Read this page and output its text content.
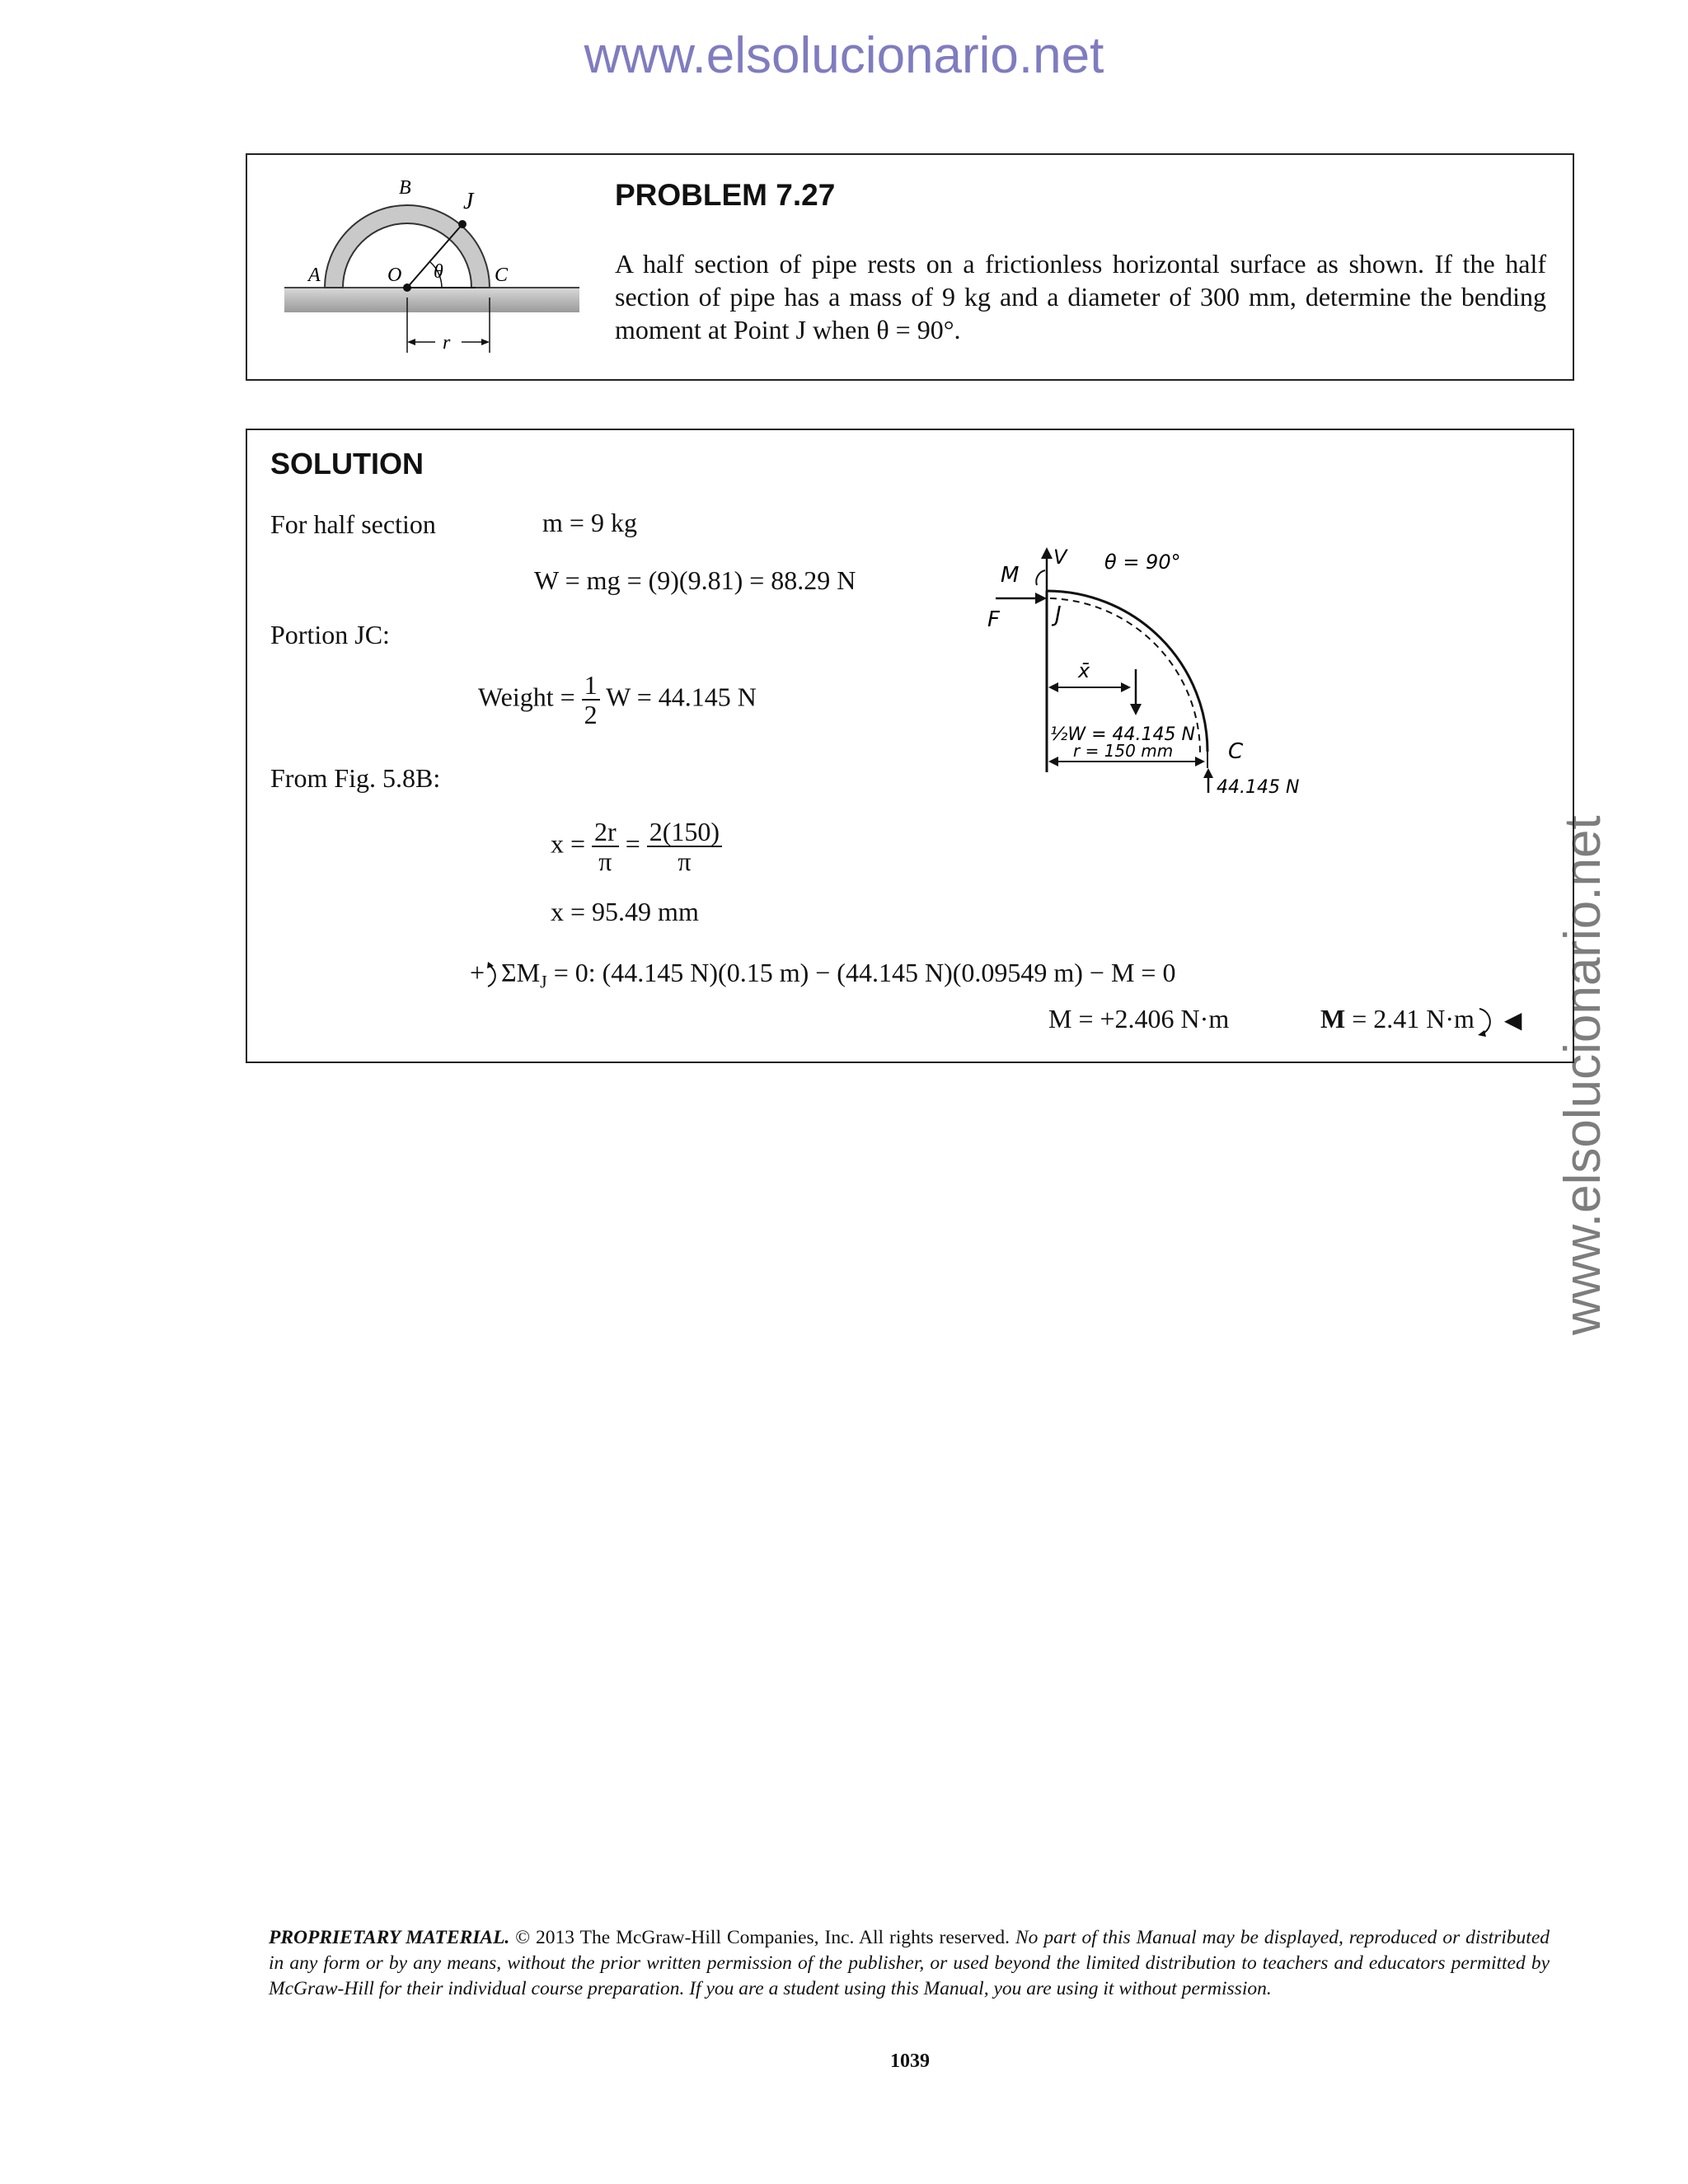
www.elsolucionario.net
www.elsolucionario.net
A
B
J
O θ	C
r
PROBLEM 7.27
A half section of pipe rests on a frictionless horizontal surface as shown. If the half section of pipe has a mass of 9 kg and a diameter of 300 mm, determine the bending moment at Point J when θ = 90°.
SOLUTION
For half section	m = 9 kg
W = mg = (9)(9.81) = 88.29 N
Portion JC:
Weight = $\frac{1}{2}$ W = 44.145 N
From Fig. 5.8B:
$x = \frac{2r}{\pi} = \frac{2(150)}{\pi}$
x = 95.49 mm
+ $\Sigma M_J = 0$: (44.145 N)(0.15 m) − (44.145 N)(0.09549 m) − M = 0
M = +2.406 N·m	M = 2.41 N·m ◀
V
F
M
J
θ = 90°
x̄
½W = 44.145 N
r = 150 mm	C
44.145 N
PROPRIETARY MATERIAL. © 2013 The McGraw-Hill Companies, Inc. All rights reserved. No part of this Manual may be displayed, reproduced or distributed in any form or by any means, without the prior written permission of the publisher, or used beyond the limited distribution to teachers and educators permitted by McGraw-Hill for their individual course preparation. If you are a student using this Manual, you are using it without permission.
1039
